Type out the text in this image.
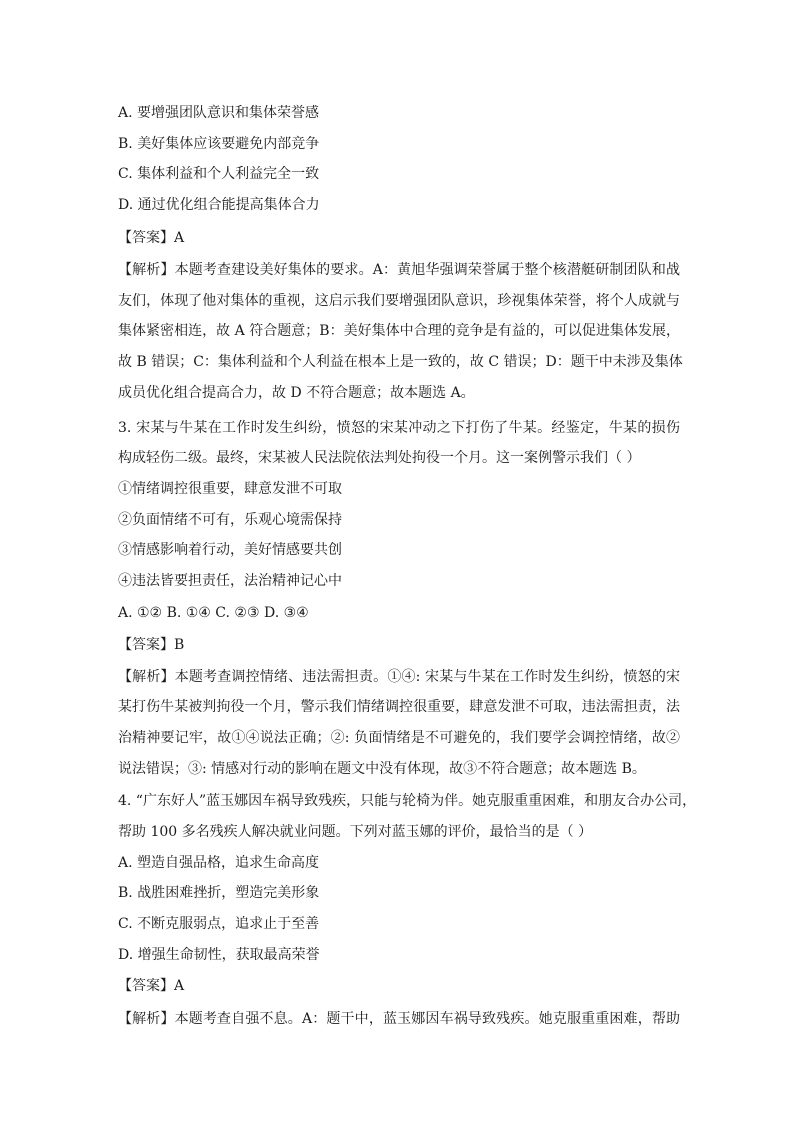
A. 要增强团队意识和集体荣誉感
B. 美好集体应该要避免内部竞争
C. 集体利益和个人利益完全一致
D. 通过优化组合能提高集体合力
【答案】A
【解析】本题考查建设美好集体的要求。A：黄旭华强调荣誉属于整个核潜艇研制团队和战
友们，体现了他对集体的重视，这启示我们要增强团队意识，珍视集体荣誉，将个人成就与
集体紧密相连，故 A 符合题意；B：美好集体中合理的竞争是有益的，可以促进集体发展，
故 B 错误；C：集体利益和个人利益在根本上是一致的，故 C 错误；D：题干中未涉及集体
成员优化组合提高合力，故 D 不符合题意；故本题选 A。
3. 宋某与牛某在工作时发生纠纷，愤怒的宋某冲动之下打伤了牛某。经鉴定，牛某的损伤
构成轻伤二级。最终，宋某被人民法院依法判处拘役一个月。这一案例警示我们（ ）
①情绪调控很重要，肆意发泄不可取
②负面情绪不可有，乐观心境需保持
③情感影响着行动，美好情感要共创
④违法皆要担责任，法治精神记心中
A. ①② B. ①④ C. ②③ D. ③④
【答案】B
【解析】本题考查调控情绪、违法需担责。①④: 宋某与牛某在工作时发生纠纷，愤怒的宋
某打伤牛某被判拘役一个月，警示我们情绪调控很重要，肆意发泄不可取，违法需担责，法
治精神要记牢，故①④说法正确；②: 负面情绪是不可避免的，我们要学会调控情绪，故②
说法错误；③: 情感对行动的影响在题文中没有体现，故③不符合题意；故本题选 B。
4. “广东好人”蓝玉娜因车祸导致残疾，只能与轮椅为伴。她克服重重困难，和朋友合办公司，
帮助 100 多名残疾人解决就业问题。下列对蓝玉娜的评价，最恰当的是（ ）
A. 塑造自强品格，追求生命高度
B. 战胜困难挫折，塑造完美形象
C. 不断克服弱点，追求止于至善
D. 增强生命韧性，获取最高荣誉
【答案】A
【解析】本题考查自强不息。A：题干中，蓝玉娜因车祸导致残疾。她克服重重困难，帮助
